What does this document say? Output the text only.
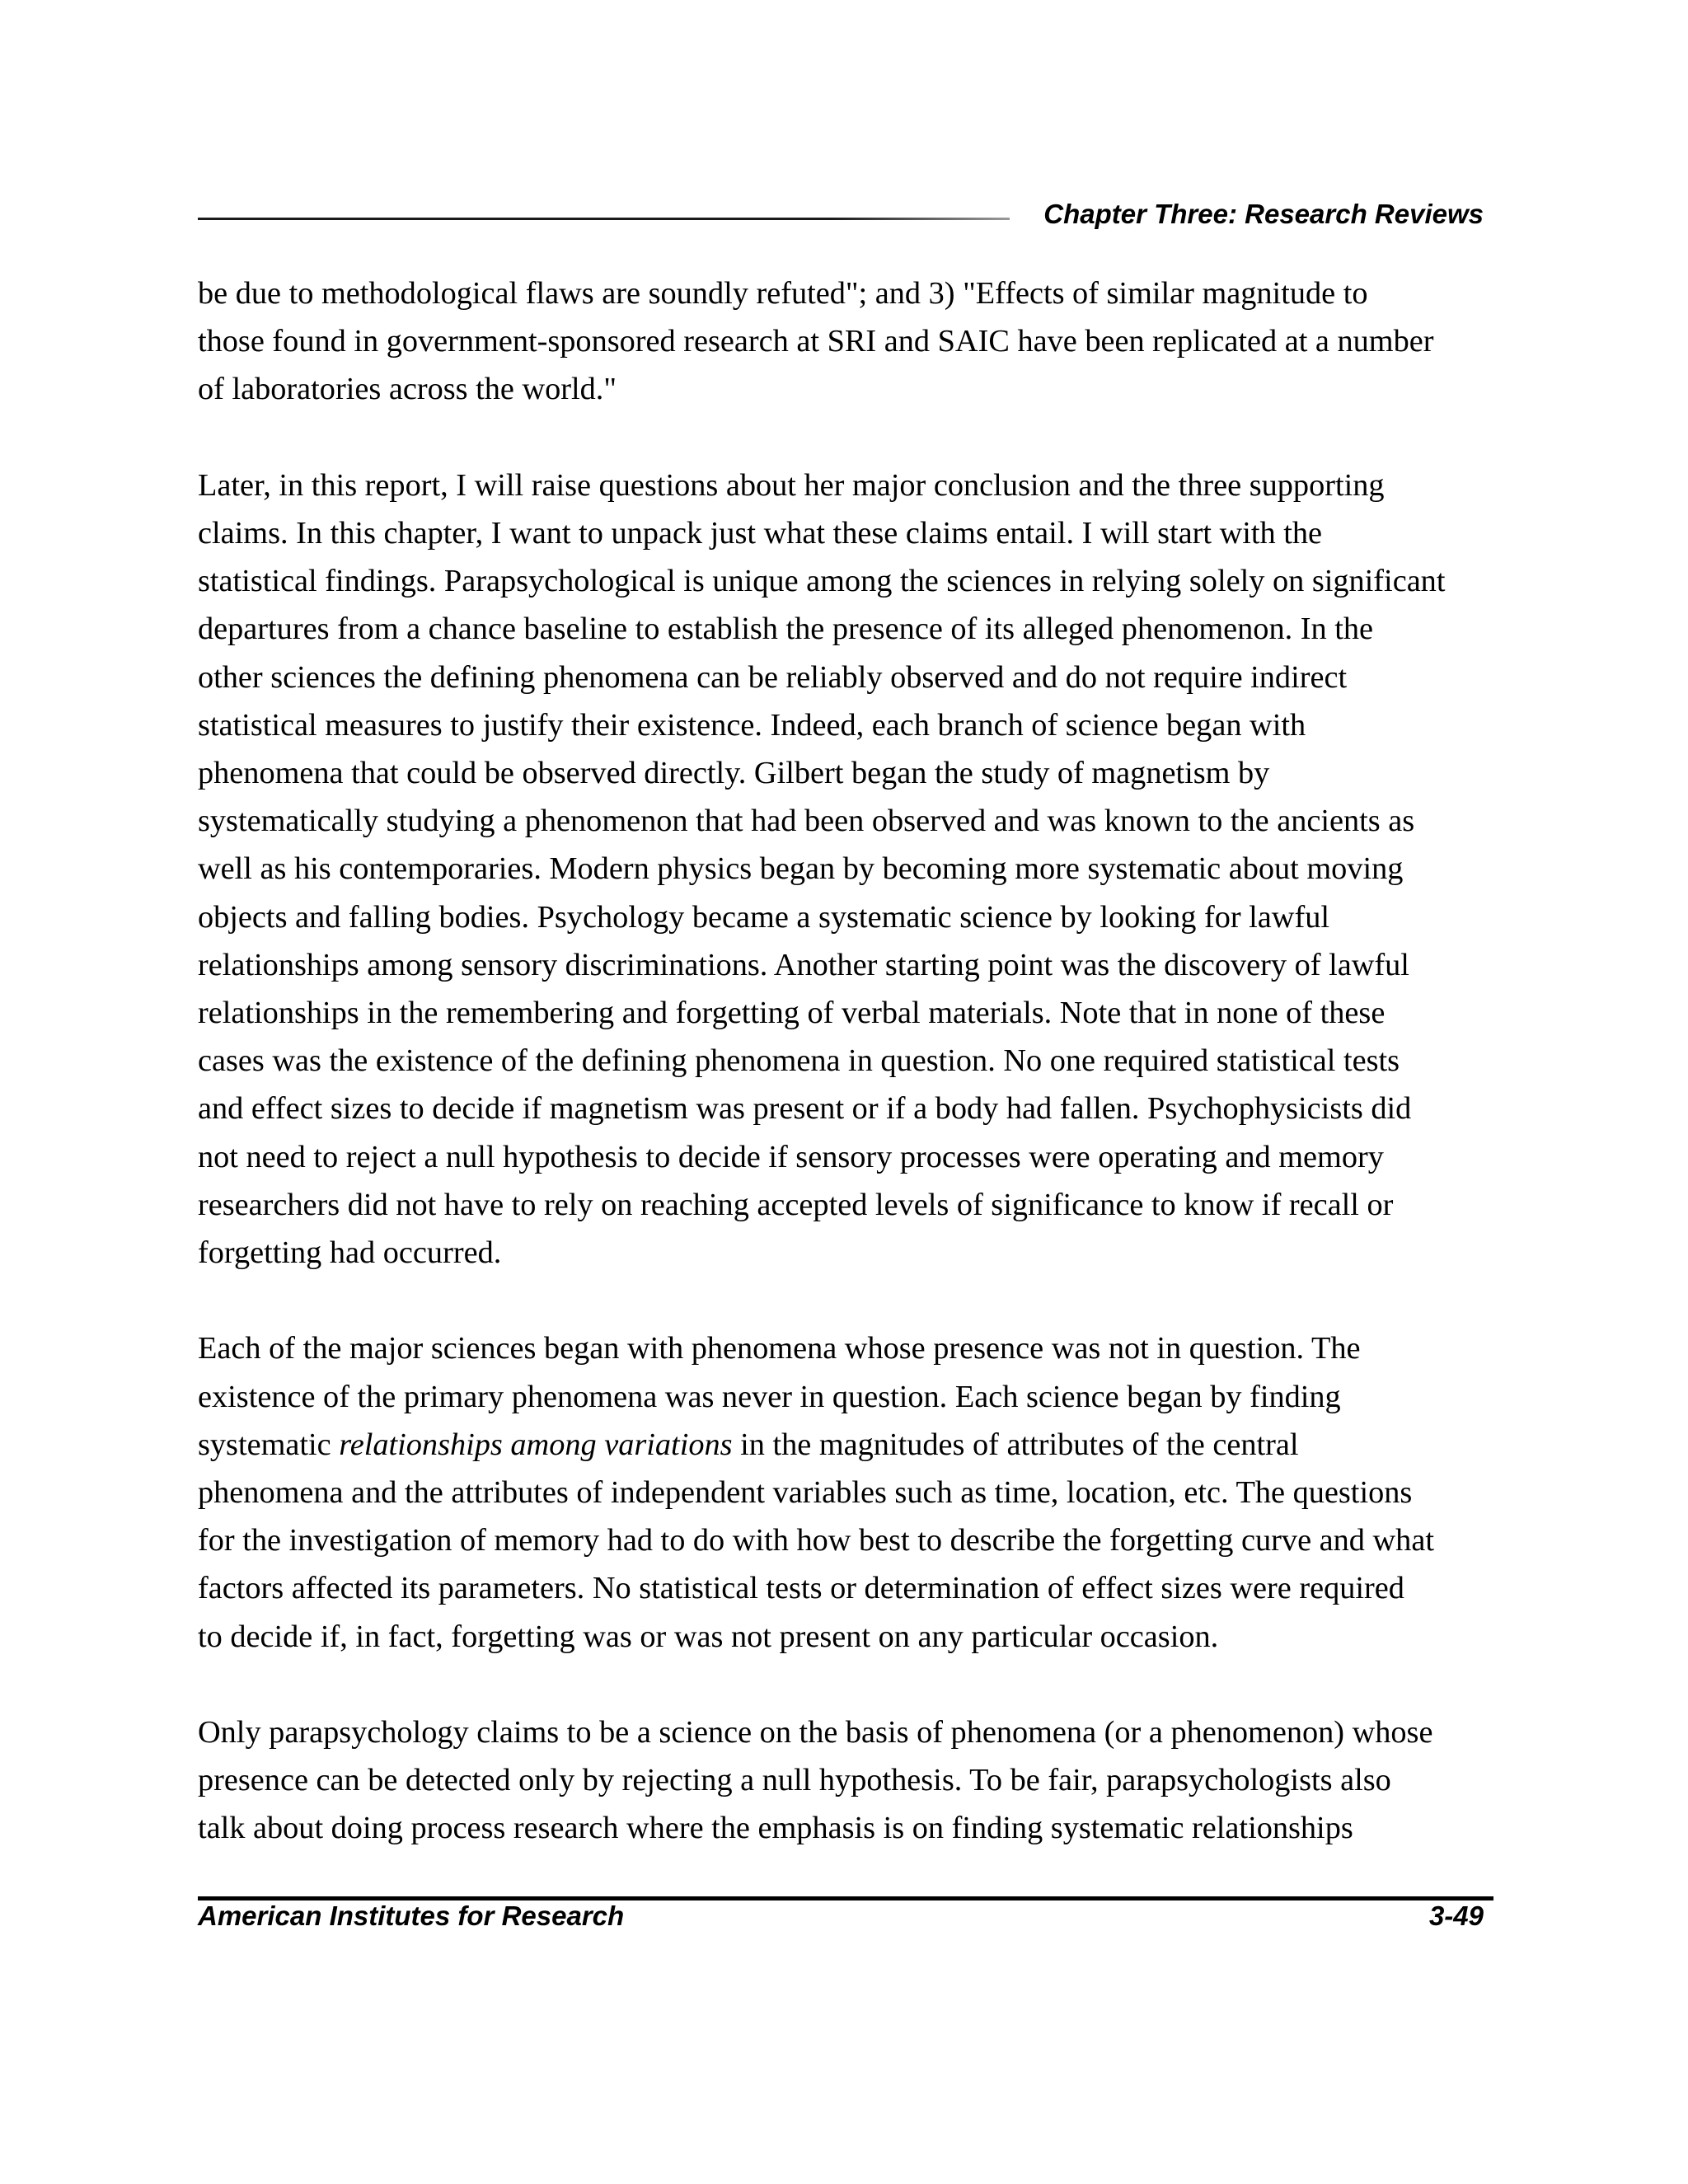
Chapter Three: Research Reviews

be due to methodological flaws are soundly refuted"; and 3) "Effects of similar magnitude to
those found in government-sponsored research at SRI and SAIC have been replicated at a number
of laboratories across the world."

Later, in this report, I will raise questions about her major conclusion and the three supporting
claims. In this chapter, I want to unpack just what these claims entail. I will start with the
statistical findings. Parapsychological is unique among the sciences in relying solely on significant
departures from a chance baseline to establish the presence of its alleged phenomenon. In the
other sciences the defining phenomena can be reliably observed and do not require indirect
statistical measures to justify their existence. Indeed, each branch of science began with
phenomena that could be observed directly. Gilbert began the study of magnetism by
systematically studying a phenomenon that had been observed and was known to the ancients as
well as his contemporaries. Modern physics began by becoming more systematic about moving
objects and falling bodies. Psychology became a systematic science by looking for lawful
relationships among sensory discriminations. Another starting point was the discovery of lawful
relationships in the remembering and forgetting of verbal materials. Note that in none of these
cases was the existence of the defining phenomena in question. No one required statistical tests
and effect sizes to decide if magnetism was present or if a body had fallen. Psychophysicists did
not need to reject a null hypothesis to decide if sensory processes were operating and memory
researchers did not have to rely on reaching accepted levels of significance to know if recall or
forgetting had occurred.

Each of the major sciences began with phenomena whose presence was not in question. The
existence of the primary phenomena was never in question. Each science began by finding
systematic relationships among variations in the magnitudes of attributes of the central
phenomena and the attributes of independent variables such as time, location, etc. The questions
for the investigation of memory had to do with how best to describe the forgetting curve and what
factors affected its parameters. No statistical tests or determination of effect sizes were required
to decide if, in fact, forgetting was or was not present on any particular occasion.

Only parapsychology claims to be a science on the basis of phenomena (or a phenomenon) whose
presence can be detected only by rejecting a null hypothesis. To be fair, parapsychologists also
talk about doing process research where the emphasis is on finding systematic relationships

American Institutes for Research	3-49
